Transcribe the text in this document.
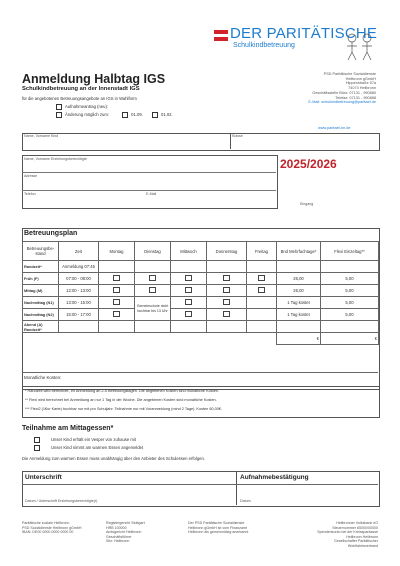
DER PARITÄTISCHE
Schulkindbetreuung
Anmeldung Halbtag IGS
Schulkindbetreuung an der Innenstadt IGS
für die angebotenen Betreuungsangebote an IGS in Wahlform
Aufnahmeantrag (neu):
Änderung möglich zum:	01.09.	01.02.
PSD Paritätische Sozialdienste
Heilbronn gGmbH
Hippenstraße 57a
74074 Heilbronn
Geschäftsstelle Büro: 07131 - 990880
Telefax: 07131 - 990888
E-Mail: schulkindbetreuung@paritaet.de
www.paritaet-hn.de
Name, Vorname Kind	Klasse
Name, Vorname Erziehungsberechtigte
Adresse
Telefon	E-Mail
2025/2026
Eingang
Betreuungsplan
Betreuungsbe-stand	Zeit	Montag	Dienstag	Mittwoch	Donnerstag	Freitag	Bnd Mehrfachtage*	Flexi Einzeltag**
Randzeit*	Anmeldung 07:45							
Früh (F)	07:00 - 08:00						26,00	5,00
Mittag (M)	12:00 - 13:00						26,00	5,00
Nachmittag (N1)	13:00 - 15:00		Gemeinschule nicht buchbar bis 13 Uhr				1 Tag kostet	5,00
Nachmittag (N2)	15:00 - 17:00						1 Tag kostet	5,00
Abend (A) Randzeit*								
							€	€
Monatliche Kosten:
* Randzeit wird berechnet, Ihr Anmeldung an 2-5 Betreuungstagen. Die angebenen Kosten sind monatliche Kosten.
** Flexi wird berechnet bei Anmeldung an nur 1 Tag in der Woche. Die angebenen Kosten sind monatliche Kosten.
*** Flexi2 (1€ur Karte) buchbar nur mit pro Schuljahr. Teilnahme nur mit Voranmeldung (mind 2 Tage). Kosten 60,00€.
Teilnahme am Mittagessen*
Unser Kind erhält ein Vesper von zuhause mit
Unser Kind nimmt am warmen Essen angemeldet
Die Anmeldung zum warmen Essen muss unabhängig über den Anbieter des Schulessen erfolgen.
Unterschrift	Aufnahmebestätigung
Datum / Unterschrift Erziehungsberechtigte(r)	Datum
Paritätische soziale Heilbronn
PSD Sozialdienste Heilbronn gGmbH
IBAN: DE00 0000 0000 0000 00
Registergericht Stuttgart
HRB 100000
Amtsgericht Heilbronn
Geschäftsführer
Sitz: Heilbronn
Der PSD Paritätische Sozialdienste
Heilbronn gGmbH ist vom Finanzamt
Heilbronn als gemeinnützig anerkannt
Heilbronner Volksbank eG
Steuernummer 65000/00000
Spendenkonto bei der Kreissparkasse
Heilbronn Heilbronn
Gesellschafter Paritätischer
Wohlfahrtsverband
